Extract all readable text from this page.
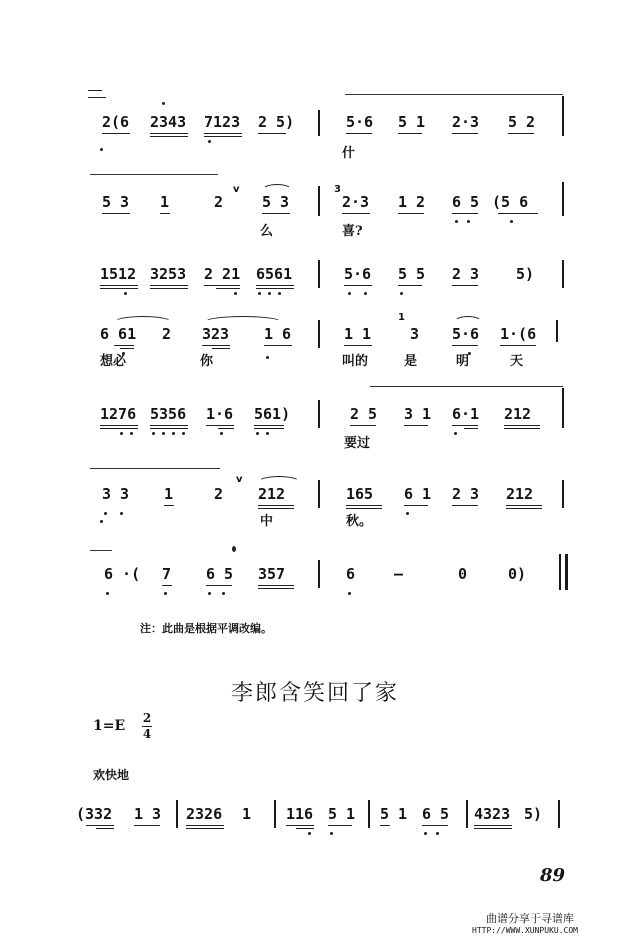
2(6 2343 7123 2 5)	5·6 5 1 2·3 5 2
什
5 3 1	2	5 3	2·3 1 2 6 5 (5 6
v	3
么	喜?
1512 3253 2 21 6561	5·6 5 5 2 3 5)
6 61 2 323 1 6	1 1	3 5·6 1·(6
1
想必	你	叫的	是	明	天
1276 5356 1·6 561)	2 5 3 1 6·1 212
要过
3 3 1	2 212	165 6 1 2 3 212
v
中	秋。
6 ·( 7 6 5 357	6	—	0	0)
注：此曲是根据平调改编。
李郎含笑回了家
1=E 2
4
欢快地
(332 1 3 2326 1 116 5 1 5 1 6 5 4323 5)
89
曲谱分享于寻谱库
HTTP://WWW.XUNPUKU.COM
